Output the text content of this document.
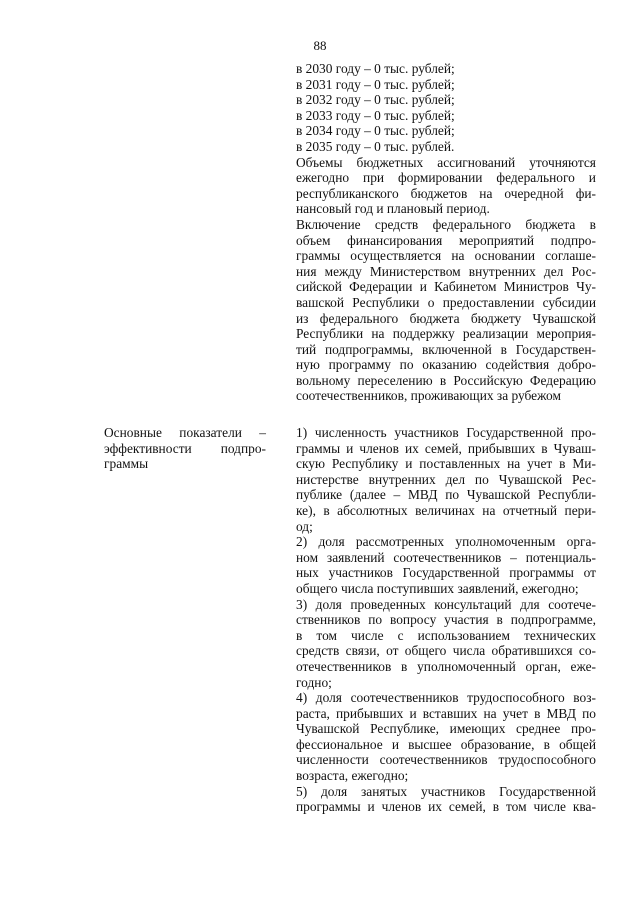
88
в 2030 году – 0 тыс. рублей;
в 2031 году – 0 тыс. рублей;
в 2032 году – 0 тыс. рублей;
в 2033 году – 0 тыс. рублей;
в 2034 году – 0 тыс. рублей;
в 2035 году – 0 тыс. рублей.
Объемы бюджетных ассигнований уточняются
ежегодно при формировании федерального и
республиканского бюджетов на очередной фи-
нансовый год и плановый период.
Включение средств федерального бюджета в
объем финансирования мероприятий подпро-
граммы осуществляется на основании соглаше-
ния между Министерством внутренних дел Рос-
сийской Федерации и Кабинетом Министров Чу-
вашской Республики о предоставлении субсидии
из федерального бюджета бюджету Чувашской
Республики на поддержку реализации мероприя-
тий подпрограммы, включенной в Государствен-
ную программу по оказанию содействия добро-
вольному переселению в Российскую Федерацию
соотечественников, проживающих за рубежом
Основные показатели –
эффективности подпро-
граммы
1) численность участников Государственной про-
граммы и членов их семей, прибывших в Чуваш-
скую Республику и поставленных на учет в Ми-
нистерстве внутренних дел по Чувашской Рес-
публике (далее – МВД по Чувашской Республи-
ке), в абсолютных величинах на отчетный пери-
од;
2) доля рассмотренных уполномоченным орга-
ном заявлений соотечественников – потенциаль-
ных участников Государственной программы от
общего числа поступивших заявлений, ежегодно;
3) доля проведенных консультаций для соотече-
ственников по вопросу участия в подпрограмме,
в том числе с использованием технических
средств связи, от общего числа обратившихся со-
отечественников в уполномоченный орган, еже-
годно;
4) доля соотечественников трудоспособного воз-
раста, прибывших и вставших на учет в МВД по
Чувашской Республике, имеющих среднее про-
фессиональное и высшее образование, в общей
численности соотечественников трудоспособного
возраста, ежегодно;
5) доля занятых участников Государственной
программы и членов их семей, в том числе ква-
